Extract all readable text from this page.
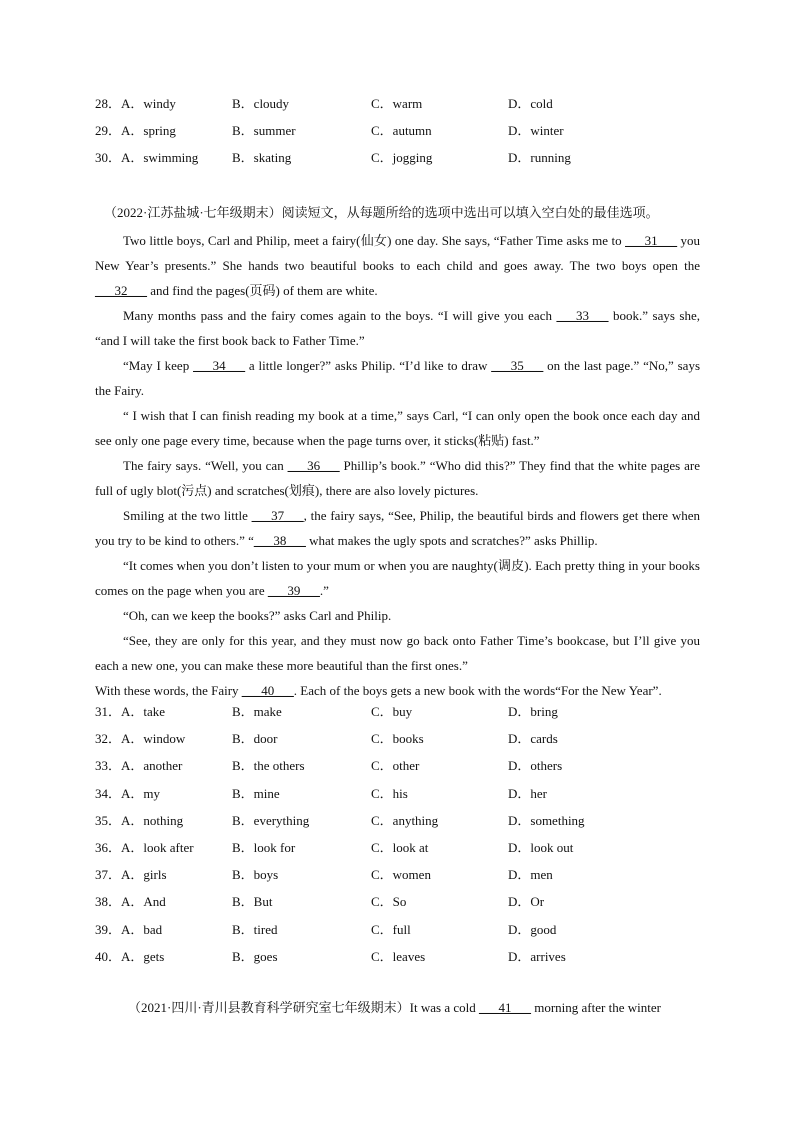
28．A．windy	B．cloudy	C．warm	D．cold
29．A．spring	B．summer	C．autumn	D．winter
30．A．swimming	B．skating	C．jogging	D．running
（2022·江苏盐城·七年级期末）阅读短文，从每题所给的选项中选出可以填入空白处的最佳选项。

Two little boys, Carl and Philip, meet a fairy(仙女) one day. She says, “Father Time asks me to ___31___ you New Year’s presents.” She hands two beautiful books to each child and goes away. The two boys open the ___32___ and find the pages(页码) of them are white.

Many months pass and the fairy comes again to the boys. “I will give you each ___33___ book.” says she, “and I will take the first book back to Father Time.”

“May I keep ___34___ a little longer?” asks Philip. “I’d like to draw ___35___ on the last page.” “No,” says the Fairy.

“ I wish that I can finish reading my book at a time,” says Carl, “I can only open the book once each day and see only one page every time, because when the page turns over, it sticks(粘贴) fast.”

The fairy says. “Well, you can ___36___ Phillip’s book.” “Who did this?” They find that the white pages are full of ugly blot(污点) and scratches(划痕), there are also lovely pictures.

Smiling at the two little ___37___, the fairy says, “See, Philip, the beautiful birds and flowers get there when you try to be kind to others.” “___38___ what makes the ugly spots and scratches?” asks Phillip.

“It comes when you don’t listen to your mum or when you are naughty(调皮). Each pretty thing in your books comes on the page when you are ___39___.”

“Oh, can we keep the books?” asks Carl and Philip.

“See, they are only for this year, and they must now go back onto Father Time’s bookcase, but I’ll give you each a new one, you can make these more beautiful than the first ones.”

With these words, the Fairy ___40___. Each of the boys gets a new book with the words“For the New Year”.

31．A．take	B．make	C．buy	D．bring
32．A．window	B．door	C．books	D．cards
33．A．another	B．the others	C．other	D．others
34．A．my	B．mine	C．his	D．her
35．A．nothing	B．everything	C．anything	D．something
36．A．look after	B．look for	C．look at	D．look out
37．A．girls	B．boys	C．women	D．men
38．A．And	B．But	C．So	D．Or
39．A．bad	B．tired	C．full	D．good
40．A．gets	B．goes	C．leaves	D．arrives
（2021·四川·青川县教育科学研究室七年级期末）It was a cold ___41___ morning after the winter
